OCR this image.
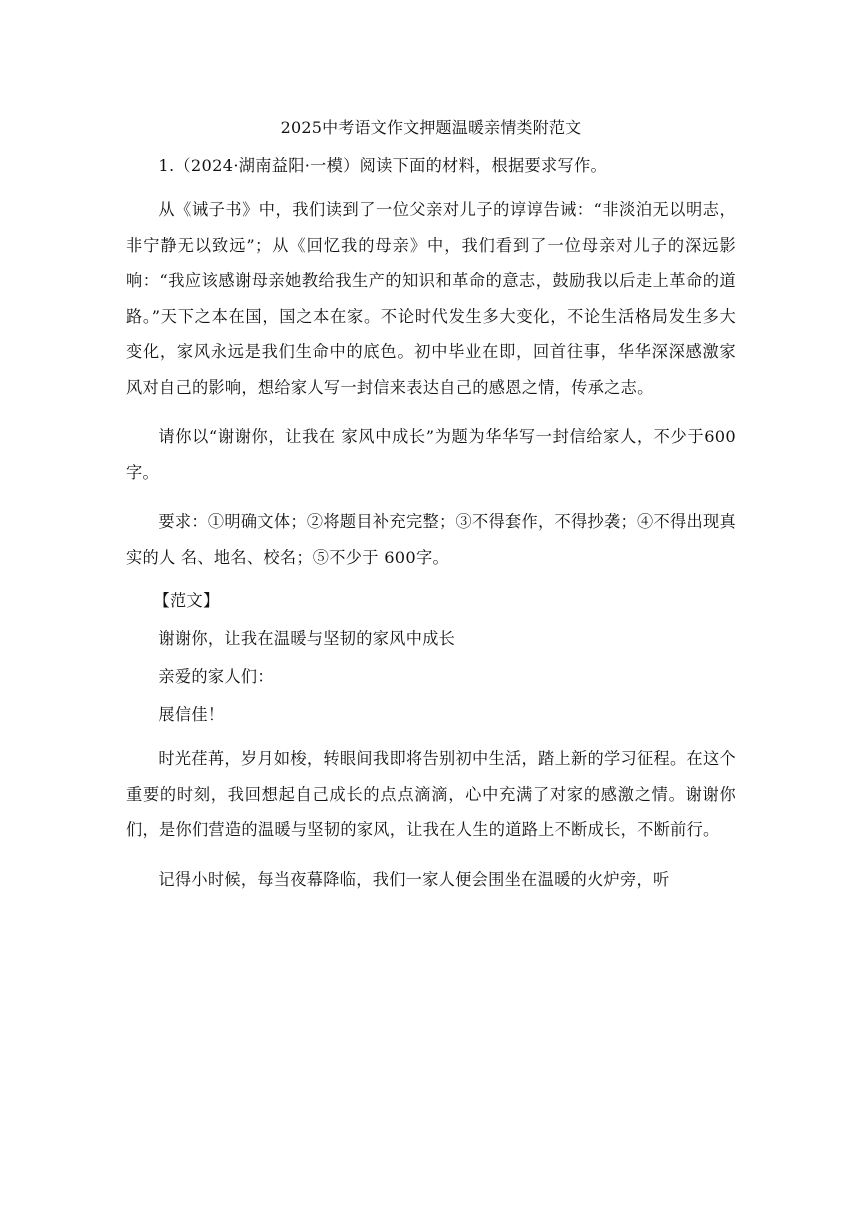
2025中考语文作文押题温暖亲情类附范文
1.（2024·湖南益阳·一模）阅读下面的材料，根据要求写作。
从《诫子书》中，我们读到了一位父亲对儿子的谆谆告诫：“非淡泊无以明志，非宁静无以致远”；从《回忆我的母亲》中，我们看到了一位母亲对儿子的深远影响：“我应该感谢母亲她教给我生产的知识和革命的意志，鼓励我以后走上革命的道路。”天下之本在国，国之本在家。不论时代发生多大变化，不论生活格局发生多大变化，家风永远是我们生命中的底色。初中毕业在即，回首往事，华华深深感激家风对自己的影响，想给家人写一封信来表达自己的感恩之情，传承之志。
请你以“谢谢你，让我在 家风中成长”为题为华华写一封信给家人，不少于600字。
要求：①明确文体；②将题目补充完整；③不得套作，不得抄袭；④不得出现真实的人 名、地名、校名；⑤不少于 600字。
【范文】
谢谢你，让我在温暖与坚韧的家风中成长
亲爱的家人们：
展信佳！
时光荏苒，岁月如梭，转眼间我即将告别初中生活，踏上新的学习征程。在这个重要的时刻，我回想起自己成长的点点滴滴，心中充满了对家的感激之情。谢谢你们，是你们营造的温暖与坚韧的家风，让我在人生的道路上不断成长，不断前行。
记得小时候，每当夜幕降临，我们一家人便会围坐在温暖的火炉旁，听
